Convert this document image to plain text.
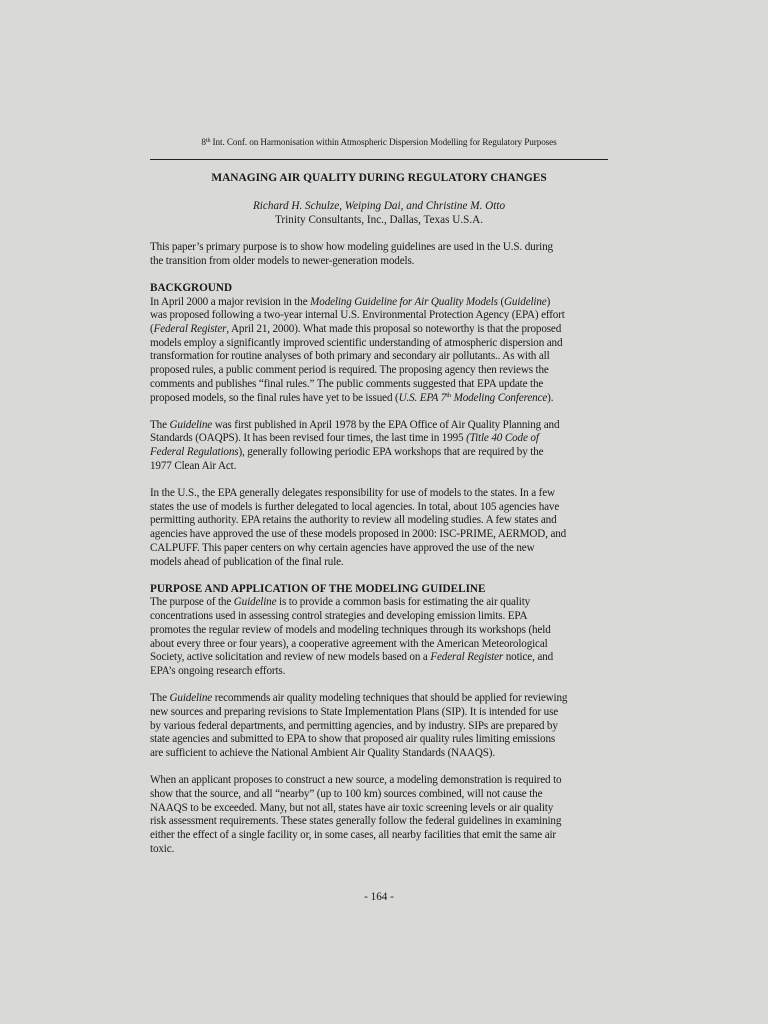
8th Int. Conf. on Harmonisation within Atmospheric Dispersion Modelling for Regulatory Purposes
MANAGING AIR QUALITY DURING REGULATORY CHANGES
Richard H. Schulze, Weiping Dai, and Christine M. Otto
Trinity Consultants, Inc., Dallas, Texas U.S.A.

This paper’s primary purpose is to show how modeling guidelines are used in the U.S. during
the transition from older models to newer-generation models.

BACKGROUND

In April 2000 a major revision in the Modeling Guideline for Air Quality Models (Guideline)
was proposed following a two-year internal U.S. Environmental Protection Agency (EPA) effort
(Federal Register, April 21, 2000). What made this proposal so noteworthy is that the proposed
models employ a significantly improved scientific understanding of atmospheric dispersion and
transformation for routine analyses of both primary and secondary air pollutants.. As with all
proposed rules, a public comment period is required. The proposing agency then reviews the
comments and publishes “final rules.” The public comments suggested that EPA update the
proposed models, so the final rules have yet to be issued (U.S. EPA 7th Modeling Conference).

The Guideline was first published in April 1978 by the EPA Office of Air Quality Planning and
Standards (OAQPS). It has been revised four times, the last time in 1995 (Title 40 Code of
Federal Regulations), generally following periodic EPA workshops that are required by the
1977 Clean Air Act.

In the U.S., the EPA generally delegates responsibility for use of models to the states. In a few
states the use of models is further delegated to local agencies. In total, about 105 agencies have
permitting authority. EPA retains the authority to review all modeling studies. A few states and
agencies have approved the use of these models proposed in 2000: ISC-PRIME, AERMOD, and
CALPUFF. This paper centers on why certain agencies have approved the use of the new
models ahead of publication of the final rule.

PURPOSE AND APPLICATION OF THE MODELING GUIDELINE

The purpose of the Guideline is to provide a common basis for estimating the air quality
concentrations used in assessing control strategies and developing emission limits. EPA
promotes the regular review of models and modeling techniques through its workshops (held
about every three or four years), a cooperative agreement with the American Meteorological
Society, active solicitation and review of new models based on a Federal Register notice, and
EPA’s ongoing research efforts.

The Guideline recommends air quality modeling techniques that should be applied for reviewing
new sources and preparing revisions to State Implementation Plans (SIP). It is intended for use
by various federal departments, and permitting agencies, and by industry. SIPs are prepared by
state agencies and submitted to EPA to show that proposed air quality rules limiting emissions
are sufficient to achieve the National Ambient Air Quality Standards (NAAQS).

When an applicant proposes to construct a new source, a modeling demonstration is required to
show that the source, and all “nearby” (up to 100 km) sources combined, will not cause the
NAAQS to be exceeded. Many, but not all, states have air toxic screening levels or air quality
risk assessment requirements. These states generally follow the federal guidelines in examining
either the effect of a single facility or, in some cases, all nearby facilities that emit the same air
toxic.

- 164 -
